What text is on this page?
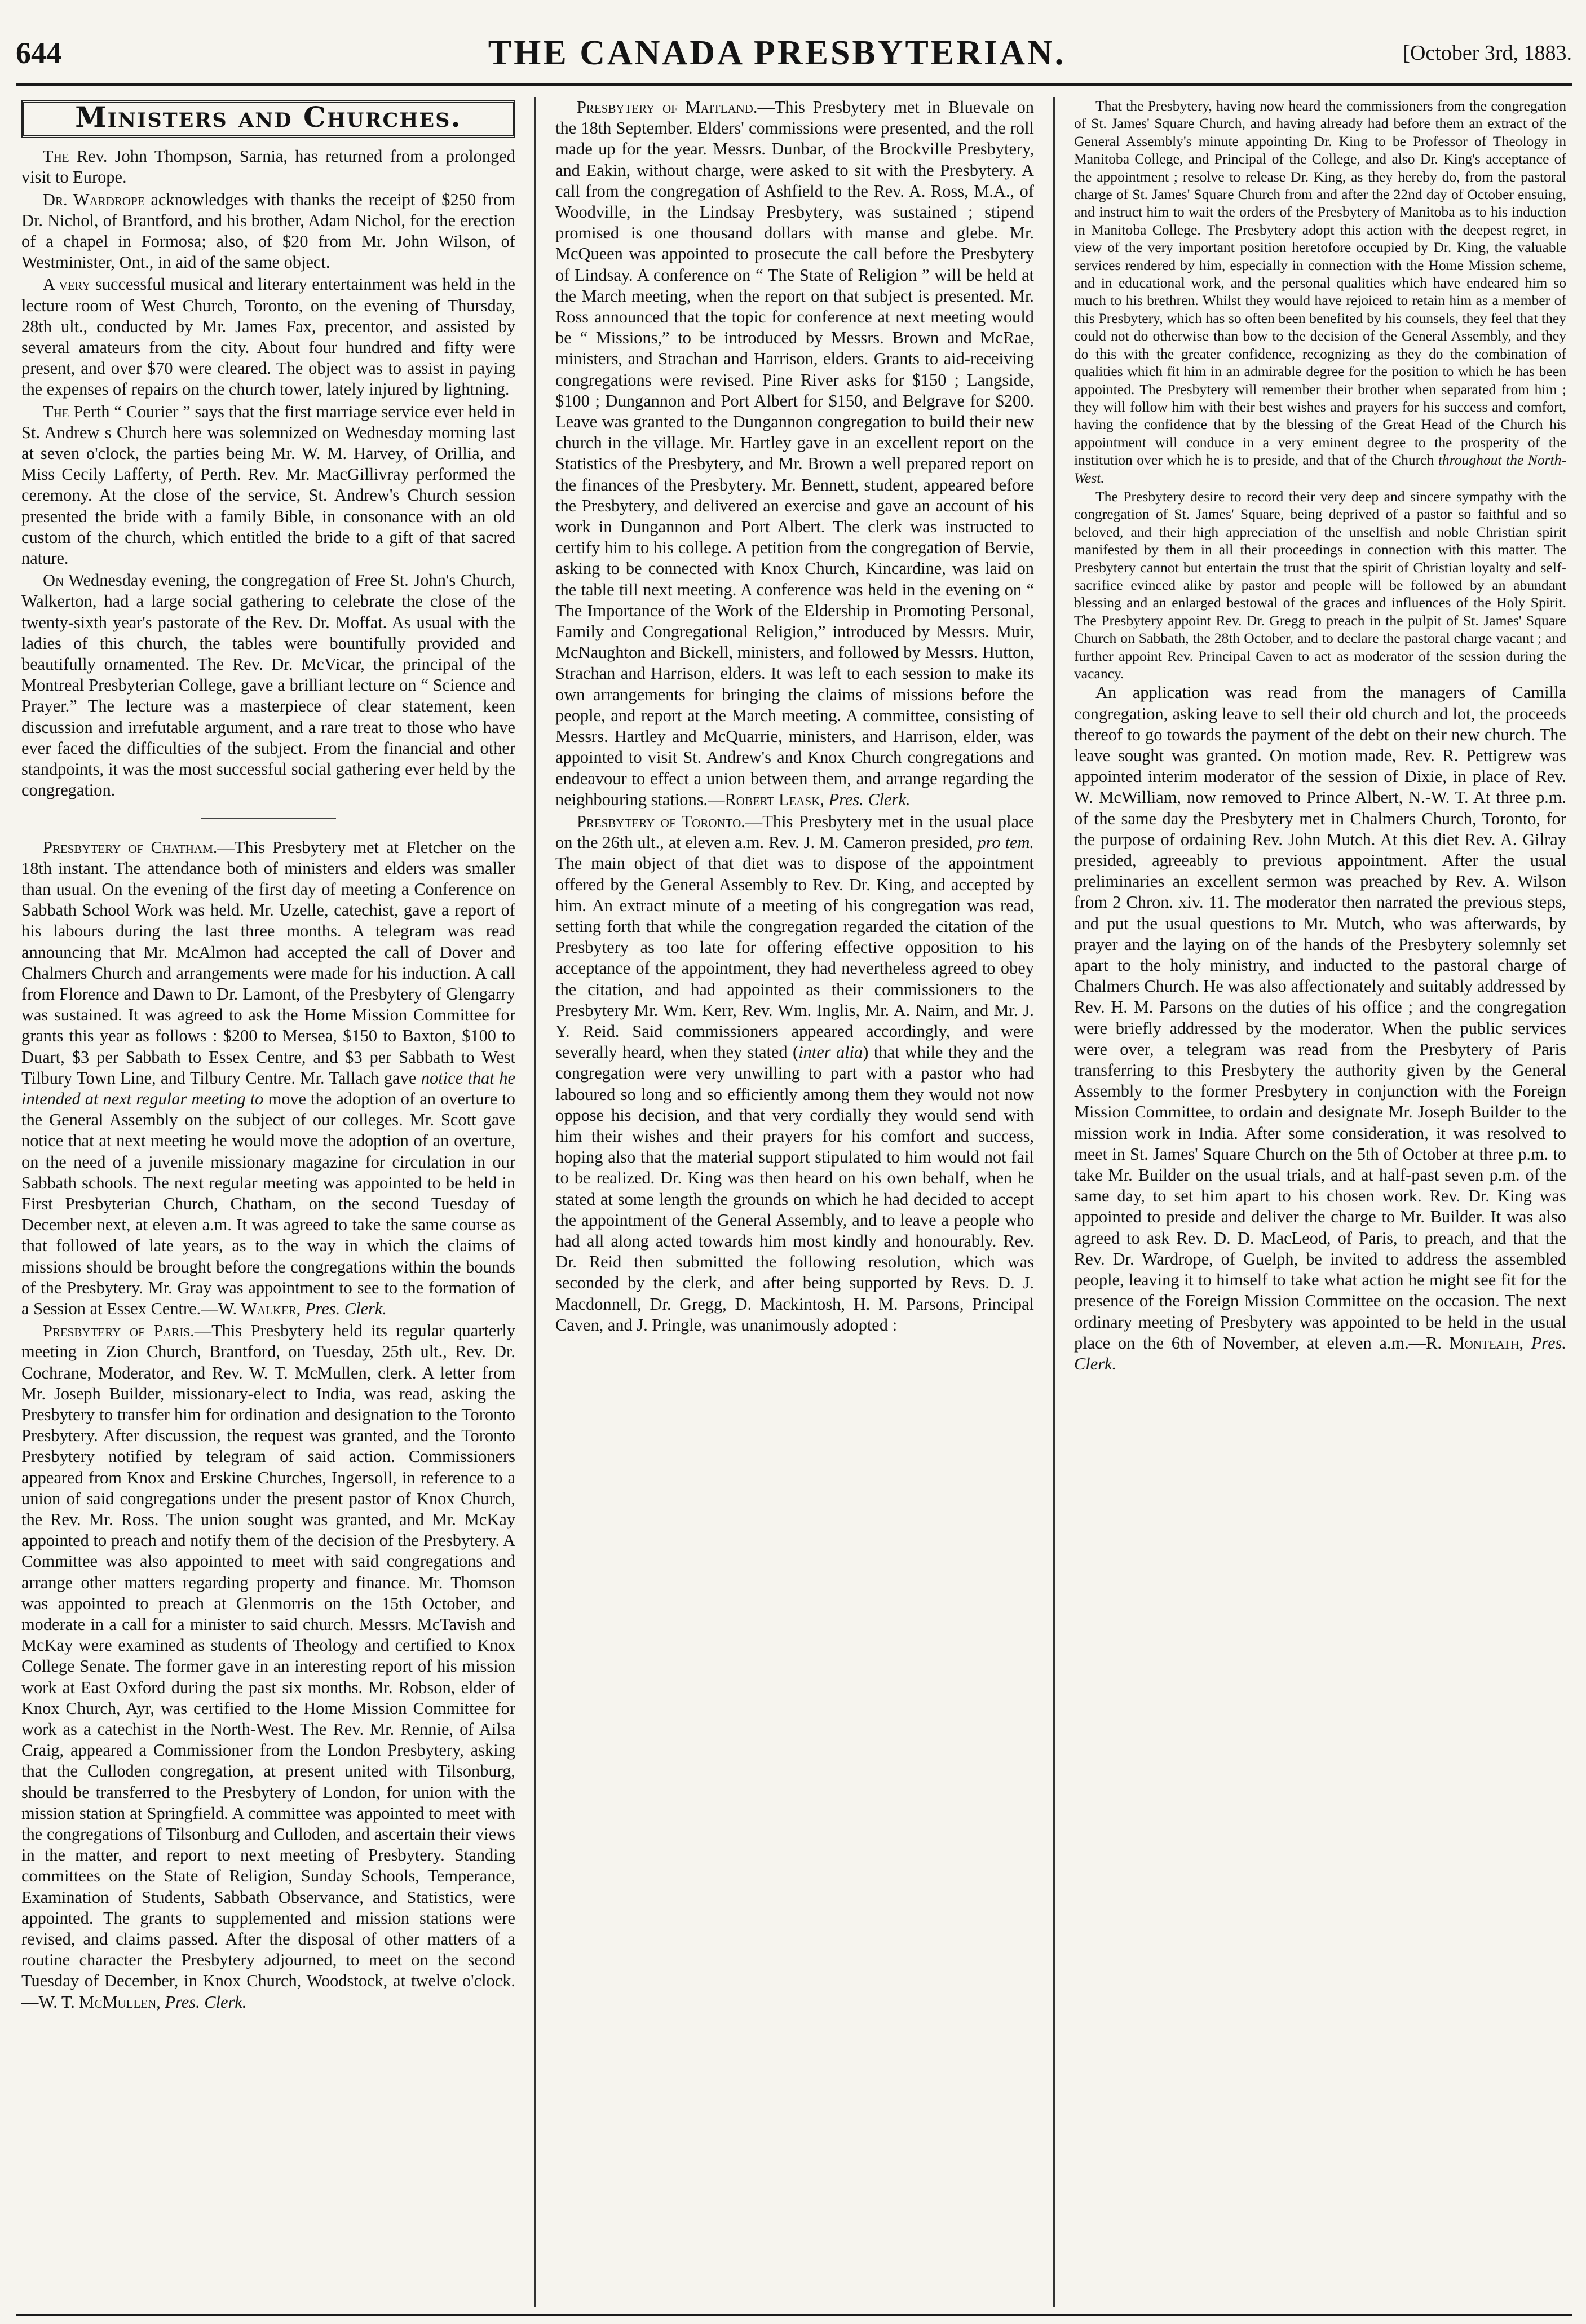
644	THE CANADA PRESBYTERIAN.	[October 3rd, 1883.
Ministers and Churches.

The Rev. John Thompson, Sarnia, has returned from a prolonged visit to Europe.

Dr. Wardrope acknowledges with thanks the receipt of $250 from Dr. Nichol, of Brantford, and his brother, Adam Nichol, for the erection of a chapel in Formosa; also, of $20 from Mr. John Wilson, of Westminister, Ont., in aid of the same object.

A very successful musical and literary entertainment was held in the lecture room of West Church, Toronto, on the evening of Thursday, 28th ult., conducted by Mr. James Fax, precentor, and assisted by several amateurs from the city. About four hundred and fifty were present, and over $70 were cleared. The object was to assist in paying the expenses of repairs on the church tower, lately injured by lightning.

The Perth “ Courier ” says that the first marriage service ever held in St. Andrew s Church here was solemnized on Wednesday morning last at seven o'clock, the parties being Mr. W. M. Harvey, of Orillia, and Miss Cecily Lafferty, of Perth. Rev. Mr. MacGillivray performed the ceremony. At the close of the service, St. Andrew's Church session presented the bride with a family Bible, in consonance with an old custom of the church, which entitled the bride to a gift of that sacred nature.

On Wednesday evening, the congregation of Free St. John's Church, Walkerton, had a large social gathering to celebrate the close of the twenty-sixth year's pastorate of the Rev. Dr. Moffat. As usual with the ladies of this church, the tables were bountifully provided and beautifully ornamented. The Rev. Dr. McVicar, the principal of the Montreal Presbyterian College, gave a brilliant lecture on “ Science and Prayer.” The lecture was a masterpiece of clear statement, keen discussion and irrefutable argument, and a rare treat to those who have ever faced the difficulties of the subject. From the financial and other standpoints, it was the most successful social gathering ever held by the congregation.

Presbytery of Chatham.—This Presbytery met at Fletcher on the 18th instant. The attendance both of ministers and elders was smaller than usual. On the evening of the first day of meeting a Conference on Sabbath School Work was held. Mr. Uzelle, catechist, gave a report of his labours during the last three months. A telegram was read announcing that Mr. McAlmon had accepted the call of Dover and Chalmers Church and arrangements were made for his induction. A call from Florence and Dawn to Dr. Lamont, of the Presbytery of Glengarry was sustained. It was agreed to ask the Home Mission Committee for grants this year as follows : $200 to Mersea, $150 to Baxton, $100 to Duart, $3 per Sabbath to Essex Centre, and $3 per Sabbath to West Tilbury Town Line, and Tilbury Centre. Mr. Tallach gave notice that he intended at next regular meeting to move the adoption of an overture to the General Assembly on the subject of our colleges. Mr. Scott gave notice that at next meeting he would move the adoption of an overture, on the need of a juvenile missionary magazine for circulation in our Sabbath schools. The next regular meeting was appointed to be held in First Presbyterian Church, Chatham, on the second Tuesday of December next, at eleven a.m. It was agreed to take the same course as that followed of late years, as to the way in which the claims of missions should be brought before the congregations within the bounds of the Presbytery. Mr. Gray was appointment to see to the formation of a Session at Essex Centre.—W. Walker, Pres. Clerk.

Presbytery of Paris.—This Presbytery held its regular quarterly meeting in Zion Church, Brantford, on Tuesday, 25th ult., Rev. Dr. Cochrane, Moderator, and Rev. W. T. McMullen, clerk. A letter from Mr. Joseph Builder, missionary-elect to India, was read, asking the Presbytery to transfer him for ordination and designation to the Toronto Presbytery. After discussion, the request was granted, and the Toronto Presbytery notified by telegram of said action. Commissioners appeared from Knox and Erskine Churches, Ingersoll, in reference to a union of said congregations under the present pastor of Knox Church, the Rev. Mr. Ross. The union sought was granted, and Mr. McKay appointed to preach and notify them of the decision of the Presbytery. A Committee was also appointed to meet with said congregations and arrange other matters regarding property and finance. Mr. Thomson was appointed to preach at Glenmorris on the 15th October, and moderate in a call for a minister to said church. Messrs. McTavish and McKay were examined as students of Theology and certified to Knox College Senate. The former gave in an interesting report of his mission work at East Oxford during the past six months. Mr. Robson, elder of Knox Church, Ayr, was certified to the Home Mission Committee for work as a catechist in the North-West. The Rev. Mr. Rennie, of Ailsa Craig, appeared a Commissioner from the London Presbytery, asking that the Culloden congregation, at present united with Tilsonburg, should be transferred to the Presbytery of London, for union with the mission station at Springfield. A committee was appointed to meet with the congregations of Tilsonburg and Culloden, and ascertain their views in the matter, and report to next meeting of Presbytery. Standing committees on the State of Religion, Sunday Schools, Temperance, Examination of Students, Sabbath Observance, and Statistics, were appointed. The grants to supplemented and mission stations were revised, and claims passed. After the disposal of other matters of a routine character the Presbytery adjourned, to meet on the second Tuesday of December, in Knox Church, Woodstock, at twelve o'clock.—W. T. McMullen, Pres. Clerk.

Presbytery of Maitland.—This Presbytery met in Bluevale on the 18th September. Elders' commissions were presented, and the roll made up for the year. Messrs. Dunbar, of the Brockville Presbytery, and Eakin, without charge, were asked to sit with the Presbytery. A call from the congregation of Ashfield to the Rev. A. Ross, M.A., of Woodville, in the Lindsay Presbytery, was sustained ; stipend promised is one thousand dollars with manse and glebe. Mr. McQueen was appointed to prosecute the call before the Presbytery of Lindsay. A conference on “ The State of Religion ” will be held at the March meeting, when the report on that subject is presented. Mr. Ross announced that the topic for conference at next meeting would be “ Missions,” to be introduced by Messrs. Brown and McRae, ministers, and Strachan and Harrison, elders. Grants to aid-receiving congregations were revised. Pine River asks for $150 ; Langside, $100 ; Dungannon and Port Albert for $150, and Belgrave for $200. Leave was granted to the Dungannon congregation to build their new church in the village. Mr. Hartley gave in an excellent report on the Statistics of the Presbytery, and Mr. Brown a well prepared report on the finances of the Presbytery. Mr. Bennett, student, appeared before the Presbytery, and delivered an exercise and gave an account of his work in Dungannon and Port Albert. The clerk was instructed to certify him to his college. A petition from the congregation of Bervie, asking to be connected with Knox Church, Kincardine, was laid on the table till next meeting. A conference was held in the evening on “ The Importance of the Work of the Eldership in Promoting Personal, Family and Congregational Religion,” introduced by Messrs. Muir, McNaughton and Bickell, ministers, and followed by Messrs. Hutton, Strachan and Harrison, elders. It was left to each session to make its own arrangements for bringing the claims of missions before the people, and report at the March meeting. A committee, consisting of Messrs. Hartley and McQuarrie, ministers, and Harrison, elder, was appointed to visit St. Andrew's and Knox Church congregations and endeavour to effect a union between them, and arrange regarding the neighbouring stations.—Robert Leask, Pres. Clerk.

Presbytery of Toronto.—This Presbytery met in the usual place on the 26th ult., at eleven a.m. Rev. J. M. Cameron presided, pro tem. The main object of that diet was to dispose of the appointment offered by the General Assembly to Rev. Dr. King, and accepted by him. An extract minute of a meeting of his congregation was read, setting forth that while the congregation regarded the citation of the Presbytery as too late for offering effective opposition to his acceptance of the appointment, they had nevertheless agreed to obey the citation, and had appointed as their commissioners to the Presbytery Mr. Wm. Kerr, Rev. Wm. Inglis, Mr. A. Nairn, and Mr. J. Y. Reid. Said commissioners appeared accordingly, and were severally heard, when they stated (inter alia) that while they and the congregation were very unwilling to part with a pastor who had laboured so long and so efficiently among them they would not now oppose his decision, and that very cordially they would send with him their wishes and their prayers for his comfort and success, hoping also that the material support stipulated to him would not fail to be realized. Dr. King was then heard on his own behalf, when he stated at some length the grounds on which he had decided to accept the appointment of the General Assembly, and to leave a people who had all along acted towards him most kindly and honourably. Rev. Dr. Reid then submitted the following resolution, which was seconded by the clerk, and after being supported by Revs. D. J. Macdonnell, Dr. Gregg, D. Mackintosh, H. M. Parsons, Principal Caven, and J. Pringle, was unanimously adopted :

That the Presbytery, having now heard the commissioners from the congregation of St. James' Square Church, and having already had before them an extract of the General Assembly's minute appointing Dr. King to be Professor of Theology in Manitoba College, and Principal of the College, and also Dr. King's acceptance of the appointment ; resolve to release Dr. King, as they hereby do, from the pastoral charge of St. James' Square Church from and after the 22nd day of October ensuing, and instruct him to wait the orders of the Presbytery of Manitoba as to his induction in Manitoba College. The Presbytery adopt this action with the deepest regret, in view of the very important position heretofore occupied by Dr. King, the valuable services rendered by him, especially in connection with the Home Mission scheme, and in educational work, and the personal qualities which have endeared him so much to his brethren. Whilst they would have rejoiced to retain him as a member of this Presbytery, which has so often been benefited by his counsels, they feel that they could not do otherwise than bow to the decision of the General Assembly, and they do this with the greater confidence, recognizing as they do the combination of qualities which fit him in an admirable degree for the position to which he has been appointed. The Presbytery will remember their brother when separated from him ; they will follow him with their best wishes and prayers for his success and comfort, having the confidence that by the blessing of the Great Head of the Church his appointment will conduce in a very eminent degree to the prosperity of the institution over which he is to preside, and that of the Church throughout the North-West.

The Presbytery desire to record their very deep and sincere sympathy with the congregation of St. James' Square, being deprived of a pastor so faithful and so beloved, and their high appreciation of the unselfish and noble Christian spirit manifested by them in all their proceedings in connection with this matter. The Presbytery cannot but entertain the trust that the spirit of Christian loyalty and self-sacrifice evinced alike by pastor and people will be followed by an abundant blessing and an enlarged bestowal of the graces and influences of the Holy Spirit. The Presbytery appoint Rev. Dr. Gregg to preach in the pulpit of St. James' Square Church on Sabbath, the 28th October, and to declare the pastoral charge vacant ; and further appoint Rev. Principal Caven to act as moderator of the session during the vacancy.

An application was read from the managers of Camilla congregation, asking leave to sell their old church and lot, the proceeds thereof to go towards the payment of the debt on their new church. The leave sought was granted. On motion made, Rev. R. Pettigrew was appointed interim moderator of the session of Dixie, in place of Rev. W. McWilliam, now removed to Prince Albert, N.-W. T. At three p.m. of the same day the Presbytery met in Chalmers Church, Toronto, for the purpose of ordaining Rev. John Mutch. At this diet Rev. A. Gilray presided, agreeably to previous appointment. After the usual preliminaries an excellent sermon was preached by Rev. A. Wilson from 2 Chron. xiv. 11. The moderator then narrated the previous steps, and put the usual questions to Mr. Mutch, who was afterwards, by prayer and the laying on of the hands of the Presbytery solemnly set apart to the holy ministry, and inducted to the pastoral charge of Chalmers Church. He was also affectionately and suitably addressed by Rev. H. M. Parsons on the duties of his office ; and the congregation were briefly addressed by the moderator. When the public services were over, a telegram was read from the Presbytery of Paris transferring to this Presbytery the authority given by the General Assembly to the former Presbytery in conjunction with the Foreign Mission Committee, to ordain and designate Mr. Joseph Builder to the mission work in India. After some consideration, it was resolved to meet in St. James' Square Church on the 5th of October at three p.m. to take Mr. Builder on the usual trials, and at half-past seven p.m. of the same day, to set him apart to his chosen work. Rev. Dr. King was appointed to preside and deliver the charge to Mr. Builder. It was also agreed to ask Rev. D. D. MacLeod, of Paris, to preach, and that the Rev. Dr. Wardrope, of Guelph, be invited to address the assembled people, leaving it to himself to take what action he might see fit for the presence of the Foreign Mission Committee on the occasion. The next ordinary meeting of Presbytery was appointed to be held in the usual place on the 6th of November, at eleven a.m.—R. Monteath, Pres. Clerk.
